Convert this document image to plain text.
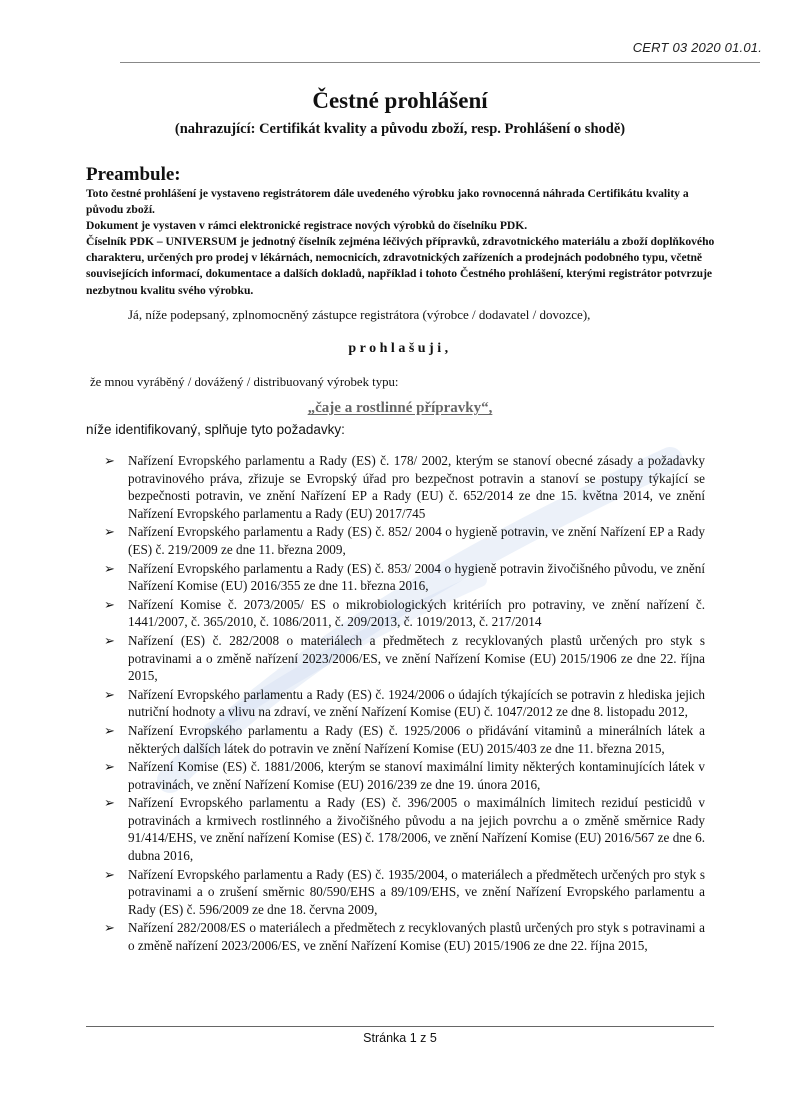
CERT 03 2020 01.01.
Čestné prohlášení
(nahrazující: Certifikát kvality a původu zboží, resp. Prohlášení o shodě)
Preambule:

Toto čestné prohlášení je vystaveno registrátorem dále uvedeného výrobku jako rovnocenná náhrada Certifikátu kvality a původu zboží.

Dokument je vystaven v rámci elektronické registrace nových výrobků do číselníku PDK.

Číselník PDK – UNIVERSUM je jednotný číselník zejména léčivých přípravků, zdravotnického materiálu a zboží doplňkového charakteru, určených pro prodej v lékárnách, nemocnicích, zdravotnických zařízeních a prodejnách podobného typu, včetně souvisejících informací, dokumentace a dalších dokladů, například i tohoto Čestného prohlášení, kterými registrátor potvrzuje nezbytnou kvalitu svého výrobku.

Já, níže podepsaný, zplnomocněný zástupce registrátora (výrobce / dodavatel / dovozce),
prohlašuji,
že mnou vyráběný / dovážený / distribuovaný výrobek typu:
„čaje a rostlinné přípravky“,
níže identifikovaný, splňuje tyto požadavky:
➢ Nařízení Evropského parlamentu a Rady (ES) č. 178/ 2002, kterým se stanoví obecné zásady a požadavky potravinového práva, zřizuje se Evropský úřad pro bezpečnost potravin a stanoví se postupy týkající se bezpečnosti potravin, ve znění Nařízení EP a Rady (EU) č. 652/2014 ze dne 15. května 2014, ve znění Nařízení Evropského parlamentu a Rady (EU) 2017/745
➢ Nařízení Evropského parlamentu a Rady (ES) č. 852/ 2004 o hygieně potravin, ve znění Nařízení EP a Rady (ES) č. 219/2009 ze dne 11. března 2009,
➢ Nařízení Evropského parlamentu a Rady (ES) č. 853/ 2004 o hygieně potravin živočišného původu, ve znění Nařízení Komise (EU) 2016/355 ze dne 11. března 2016,
➢ Nařízení Komise č. 2073/2005/ ES o mikrobiologických kritériích pro potraviny, ve znění nařízení č. 1441/2007, č. 365/2010, č. 1086/2011, č. 209/2013, č. 1019/2013, č. 217/2014
➢ Nařízení (ES) č. 282/2008 o materiálech a předmětech z recyklovaných plastů určených pro styk s potravinami a o změně nařízení 2023/2006/ES, ve znění Nařízení Komise (EU) 2015/1906 ze dne 22. října 2015,
➢ Nařízení Evropského parlamentu a Rady (ES) č. 1924/2006 o údajích týkajících se potravin z hlediska jejich nutriční hodnoty a vlivu na zdraví, ve znění Nařízení Komise (EU) č. 1047/2012 ze dne 8. listopadu 2012,
➢ Nařízení Evropského parlamentu a Rady (ES) č. 1925/2006 o přidávání vitaminů a minerálních látek a některých dalších látek do potravin ve znění Nařízení Komise (EU) 2015/403 ze dne 11. března 2015,
➢ Nařízení Komise (ES) č. 1881/2006, kterým se stanoví maximální limity některých kontaminujících látek v potravinách, ve znění Nařízení Komise (EU) 2016/239 ze dne 19. února 2016,
➢ Nařízení Evropského parlamentu a Rady (ES) č. 396/2005 o maximálních limitech reziduí pesticidů v potravinách a krmivech rostlinného a živočišného původu a na jejich povrchu a o změně směrnice Rady 91/414/EHS, ve znění nařízení Komise (ES) č. 178/2006, ve znění Nařízení Komise (EU) 2016/567 ze dne 6. dubna 2016,
➢ Nařízení Evropského parlamentu a Rady (ES) č. 1935/2004, o materiálech a předmětech určených pro styk s potravinami a o zrušení směrnic 80/590/EHS a 89/109/EHS, ve znění Nařízení Evropského parlamentu a Rady (ES) č. 596/2009 ze dne 18. června 2009,
➢ Nařízení 282/2008/ES o materiálech a předmětech z recyklovaných plastů určených pro styk s potravinami a o změně nařízení 2023/2006/ES, ve znění Nařízení Komise (EU) 2015/1906 ze dne 22. října 2015,
Stránka 1 z 5
